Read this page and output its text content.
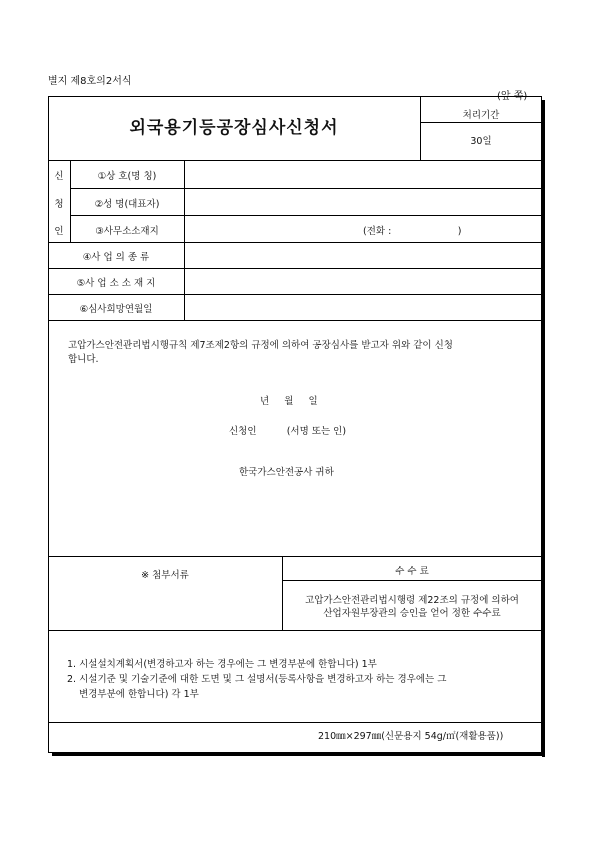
별지 제8호의2서식
(앞 쪽)
외국용기등공장심사신청서
처리기간
30일
신
청
인
①상 호(명 칭)
②성 명(대표자)
③사무소소재지	(전화 :                      )
④사 업 의 종 류
⑤사 업 소 소 재 지
⑥심사희망연월일
고압가스안전관리법시행규칙 제7조제2항의 규정에 의하여 공장심사를 받고자 위와 같이 신청
합니다.
년     월     일
신청인          (서명 또는 인)
한국가스안전공사 귀하
※ 첨부서류	수 수 료
고압가스안전관리법시행령 제22조의 규정에 의하여
산업자원부장관의 승인을 얻어 정한 수수료
1. 시설설치계획서(변경하고자 하는 경우에는 그 변경부분에 한합니다) 1부
2. 시설기준 및 기술기준에 대한 도면 및 그 설명서(등록사항을 변경하고자 하는 경우에는 그
변경부분에 한합니다) 각 1부
210㎜×297㎜(신문용지 54g/㎡(재활용품))
